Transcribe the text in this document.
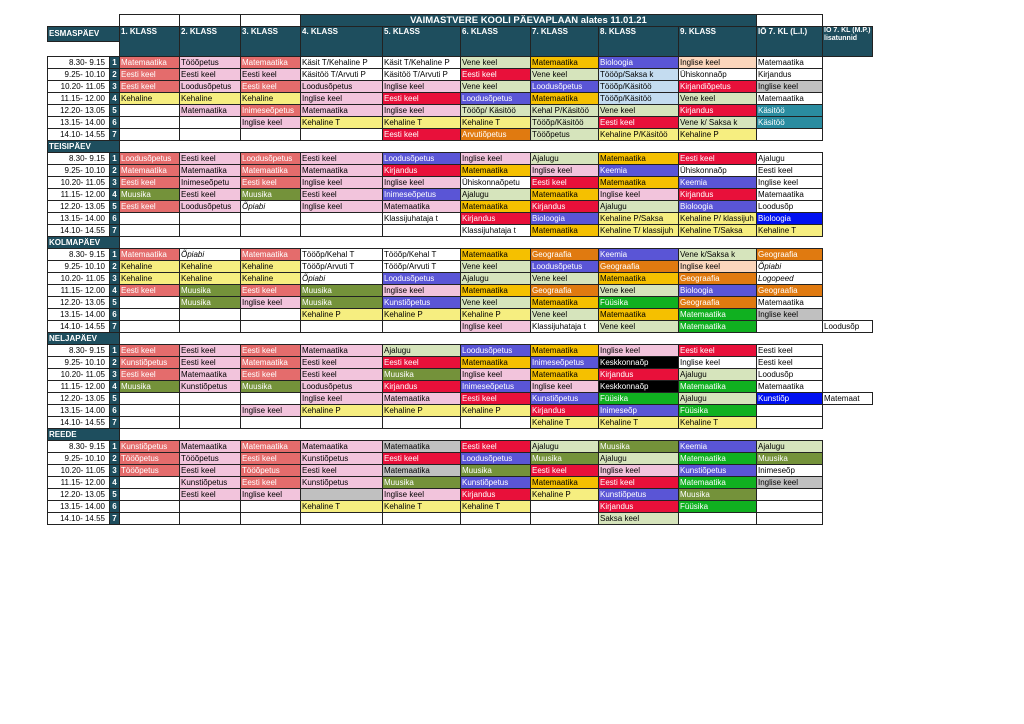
					VAIMASTVERE KOOLI PÄEVAPLAAN alates 11.01.21							
ESMASPÄEV		1. KLASS	2. KLASS	3. KLASS	4. KLASS	5. KLASS	6. KLASS	7. KLASS	8. KLASS	9. KLASS	IÕ 7. KL (L.I.)	IÕ 7. KL (M.P.) lisatunnid

8.30- 9.15	1	Matemaatika	Tööõpetus	Matemaatika	Käsit T/Kehaline P	Käsit T/Kehaline P	Vene keel	Matemaatika	Bioloogia	Inglise keel	Matemaatika	
9.25- 10.10	2	Eesti keel	Eesti keel	Eesti keel	Käsitöö T/Arvuti P	Käsitöö T/Arvuti P	Eesti keel	Vene keel	Töööp/Saksa k	Ühiskonnaõp	Kirjandus	
10.20- 11.05	3	Eesti keel	Loodusõpetus	Eesti keel	Loodusõpetus	Inglise keel	Vene keel	Loodusõpetus	Tööõp/Käsitöö	Kirjandiõpetus	Inglise keel	
11.15- 12.00	4	Kehaline	Kehaline	Kehaline	Inglise keel	Eesti keel	Loodusõpetus	Matemaatika	Tööõp/Käsitöö	Vene keel	Matemaatika	
12.20- 13.05	5		Matemaatika	Inimeseõpetus	Matemaatika	Inglise keel	Tööõp/ Käsitöö	Kehal P/Käsitöö	Vene keel	Kirjandus	Käsitöö	
13.15- 14.00	6			Inglise keel	Kehaline T	Kehaline T	Kehaline T	Tööõp/Käsitöö	Eesti keel	Vene k/ Saksa k	Käsitöö	
14.10- 14.55	7					Eesti keel	Arvutiõpetus	Tööõpetus	Kehaline P/Käsitöö	Kehaline P		
TEISIPÄEV												
8.30- 9.15	1	Loodusõpetus	Eesti keel	Loodusõpetus	Eesti keel	Loodusõpetus	Inglise keel	Ajalugu	Matemaatika	Eesti keel	Ajalugu	
9.25- 10.10	2	Matemaatika	Matemaatika	Matemaatika	Matemaatika	Kirjandus	Matemaatika	Inglise keel	Keemia	Ühiskonnaõp	Eesti keel	
10.20- 11.05	3	Eesti keel	Inimeseõpetu	Eesti keel	Inglise keel	Inglise keel	Ühiskonnaõpetu	Eesti keel	Matemaatika	Keemia	Inglise keel	
11.15- 12.00	4	Muusika	Eesti keel	Muusika	Eesti keel	Inimeseõpetus	Ajalugu	Matemaatika	Inglise keel	Kirjandus	Matemaatika	
12.20- 13.05	5	Eesti keel	Loodusõpetus	Õpiabi	Inglise keel	Matemaatika	Matemaatika	Kirjandus	Ajalugu	Bioloogia	Loodusõp	
13.15- 14.00	6					Klassijuhataja t	Kirjandus	Bioloogia	Kehaline P/Saksa	Kehaline P/ klassijuh	Bioloogia	
14.10- 14.55	7						Klassijuhataja t	Matemaatika	Kehaline T/ klassijuh	Kehaline T/Saksa	Kehaline T	
KOLMAPÄEV												
8.30- 9.15	1	Matemaatika	Õpiabi	Matemaatika	Tööõp/Kehal T	Tööõp/Kehal T	Matemaatika	Geograafia	Keemia	Vene k/Saksa k	Geograafia	
9.25- 10.10	2	Kehaline	Kehaline	Kehaline	Tööõp/Arvuti T	Tööõp/Arvuti T	Vene keel	Loodusõpetus	Geograafia	Inglise keel	Õpiabi	
10.20- 11.05	3	Kehaline	Kehaline	Kehaline	Õpiabi	Loodusõpetus	Ajalugu	Vene keel	Matemaatika	Geograafia	Logopeed	
11.15- 12.00	4	Eesti keel	Muusika	Eesti keel	Muusika	Inglise keel	Matemaatika	Geograafia	Vene keel	Bioloogia	Geograafia	
12.20- 13.05	5		Muusika	Inglise keel	Muusika	Kunstiõpetus	Vene keel	Matemaatika	Füüsika	Geograafia	Matemaatika	
13.15- 14.00	6				Kehaline P	Kehaline P	Kehaline P	Vene keel	Matemaatika	Matemaatika	Inglise keel	
14.10- 14.55	7						Inglise keel	Klassijuhataja t	Vene keel	Matemaatika		Loodusõp
NELJAPÄEV												
8.30- 9.15	1	Eesti keel	Eesti keel	Eesti keel	Matemaatika	Ajalugu	Loodusõpetus	Matemaatika	Inglise keel	Eesti keel	Eesti keel	
9.25- 10.10	2	Kunstiõpetus	Eesti keel	Matemaatika	Eesti keel	Eesti keel	Matemaatika	Inimeseõpetus	Keskkonnaõp	Inglise keel	Eesti keel	
10.20- 11.05	3	Eesti keel	Matemaatika	Eesti keel	Eesti keel	Muusika	Inglise keel	Matemaatika	Kirjandus	Ajalugu	Loodusõp	
11.15- 12.00	4	Muusika	Kunstiõpetus	Muusika	Loodusõpetus	Kirjandus	Inimeseõpetus	Inglise keel	Keskkonnaõp	Matemaatika	Matemaatika	
12.20- 13.05	5				Inglise keel	Matemaatika	Eesti keel	Kunstiõpetus	Füüsika	Ajalugu	Kunstiõp	Matemaat
13.15- 14.00	6			Inglise keel	Kehaline P	Kehaline P	Kehaline P	Kirjandus	Inimeseõp	Füüsika		
14.10- 14.55	7							Kehaline T	Kehaline T	Kehaline T		
REEDE												
8.30- 9.15	1	Kunstiõpetus	Matemaatika	Matemaatika	Matemaatika	Matemaatika	Eesti keel	Ajalugu	Muusika	Keemia	Ajalugu	
9.25- 10.10	2	Tööõpetus	Tööõpetus	Eesti keel	Kunstiõpetus	Eesti keel	Loodusõpetus	Muusika	Ajalugu	Matemaatika	Muusika	
10.20- 11.05	3	Tööõpetus	Eesti keel	Tööõpetus	Eesti keel	Matemaatika	Muusika	Eesti keel	Inglise keel	Kunstiõpetus	Inimeseõp	
11.15- 12.00	4		Kunstiõpetus	Eesti keel	Kunstiõpetus	Muusika	Kunstiõpetus	Matemaatika	Eesti keel	Matemaatika	Inglise keel	
12.20- 13.05	5		Eesti keel	Inglise keel		Inglise keel	Kirjandus	Kehaline P	Kunstiõpetus	Muusika		
13.15- 14.00	6				Kehaline T	Kehaline T	Kehaline T		Kirjandus	Füüsika		
14.10- 14.55	7								Saksa keel			
